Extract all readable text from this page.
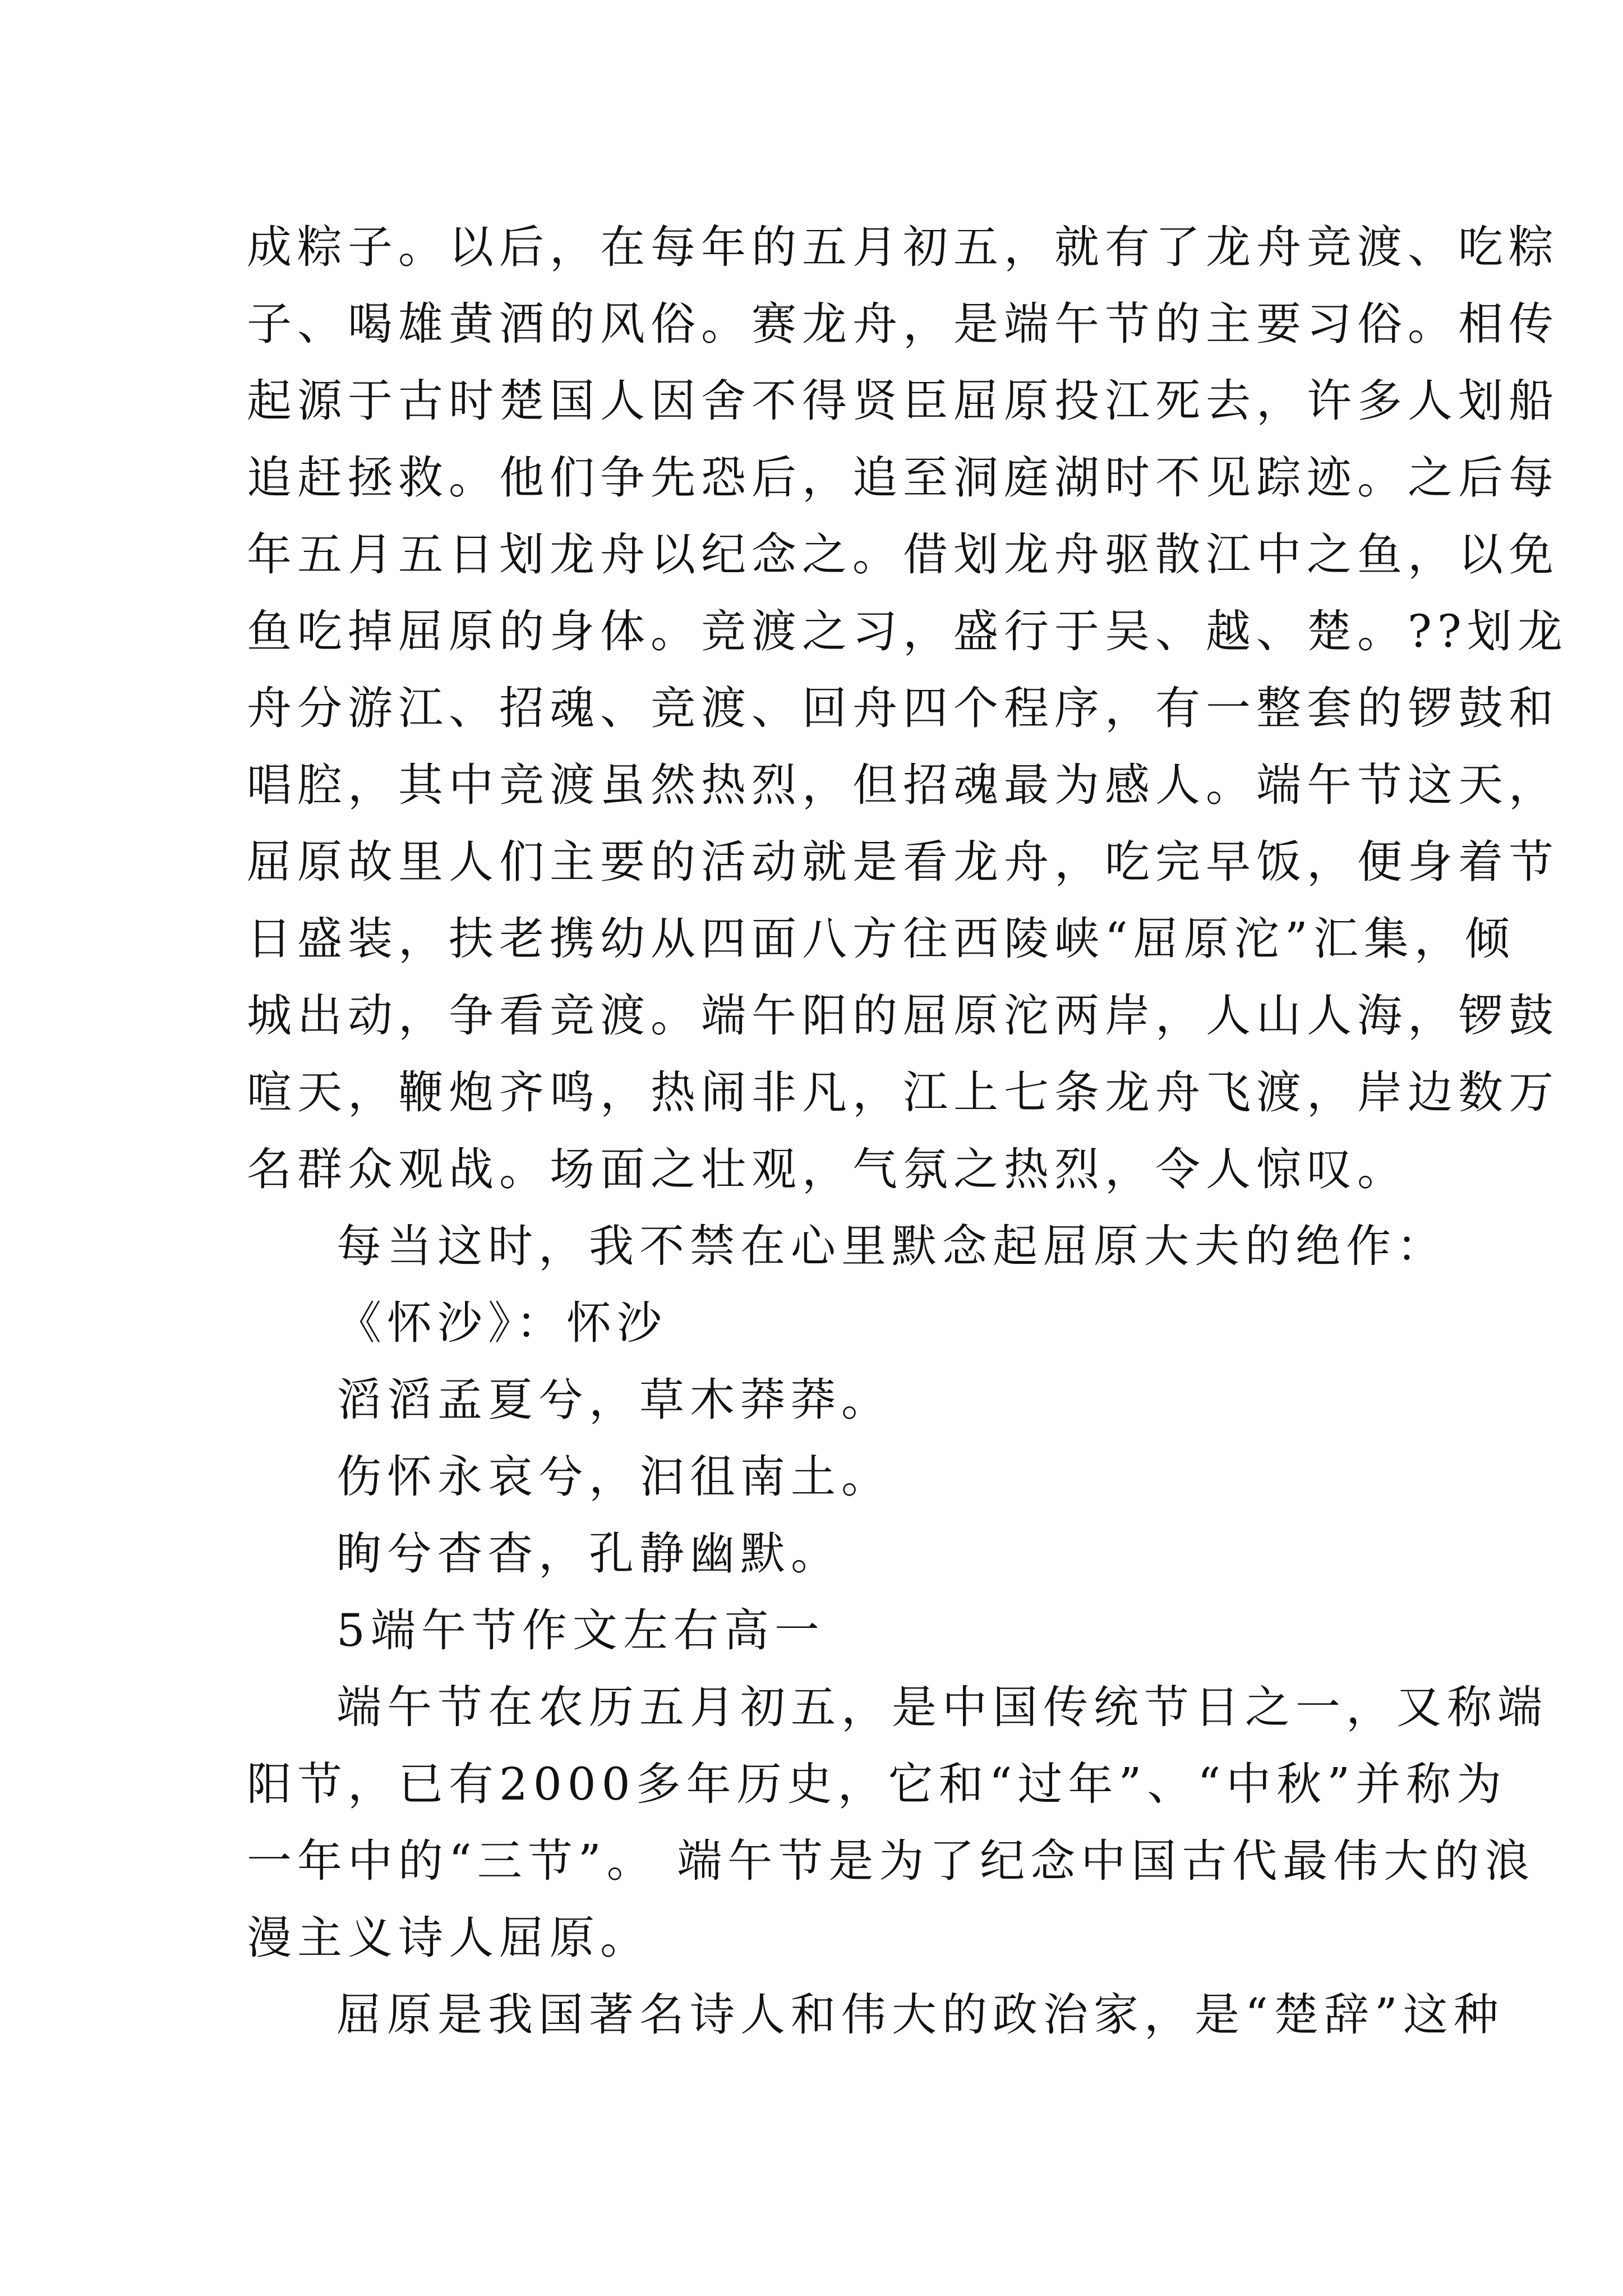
成粽子。以后，在每年的五月初五，就有了龙舟竞渡、吃粽
子、喝雄黄酒的风俗。赛龙舟，是端午节的主要习俗。相传
起源于古时楚国人因舍不得贤臣屈原投江死去，许多人划船
追赶拯救。他们争先恐后，追至洞庭湖时不见踪迹。之后每
年五月五日划龙舟以纪念之。借划龙舟驱散江中之鱼，以免
鱼吃掉屈原的身体。竞渡之习，盛行于吴、越、楚。??划龙
舟分游江、招魂、竞渡、回舟四个程序，有一整套的锣鼓和
唱腔，其中竞渡虽然热烈，但招魂最为感人。端午节这天，
屈原故里人们主要的活动就是看龙舟，吃完早饭，便身着节
日盛装，扶老携幼从四面八方往西陵峡“屈原沱”汇集，倾
城出动，争看竞渡。端午阳的屈原沱两岸，人山人海，锣鼓
喧天，鞭炮齐鸣，热闹非凡，江上七条龙舟飞渡，岸边数万
名群众观战。场面之壮观，气氛之热烈，令人惊叹。
每当这时，我不禁在心里默念起屈原大夫的绝作：
《怀沙》：怀沙
滔滔孟夏兮，草木莽莽。
伤怀永哀兮，汩徂南土。
眴兮杳杳，孔静幽默。
5端午节作文左右高一
端午节在农历五月初五，是中国传统节日之一，又称端
阳节，已有2000多年历史，它和“过年”、“中秋”并称为
一年中的“三节”。 端午节是为了纪念中国古代最伟大的浪
漫主义诗人屈原。
屈原是我国著名诗人和伟大的政治家，是“楚辞”这种
